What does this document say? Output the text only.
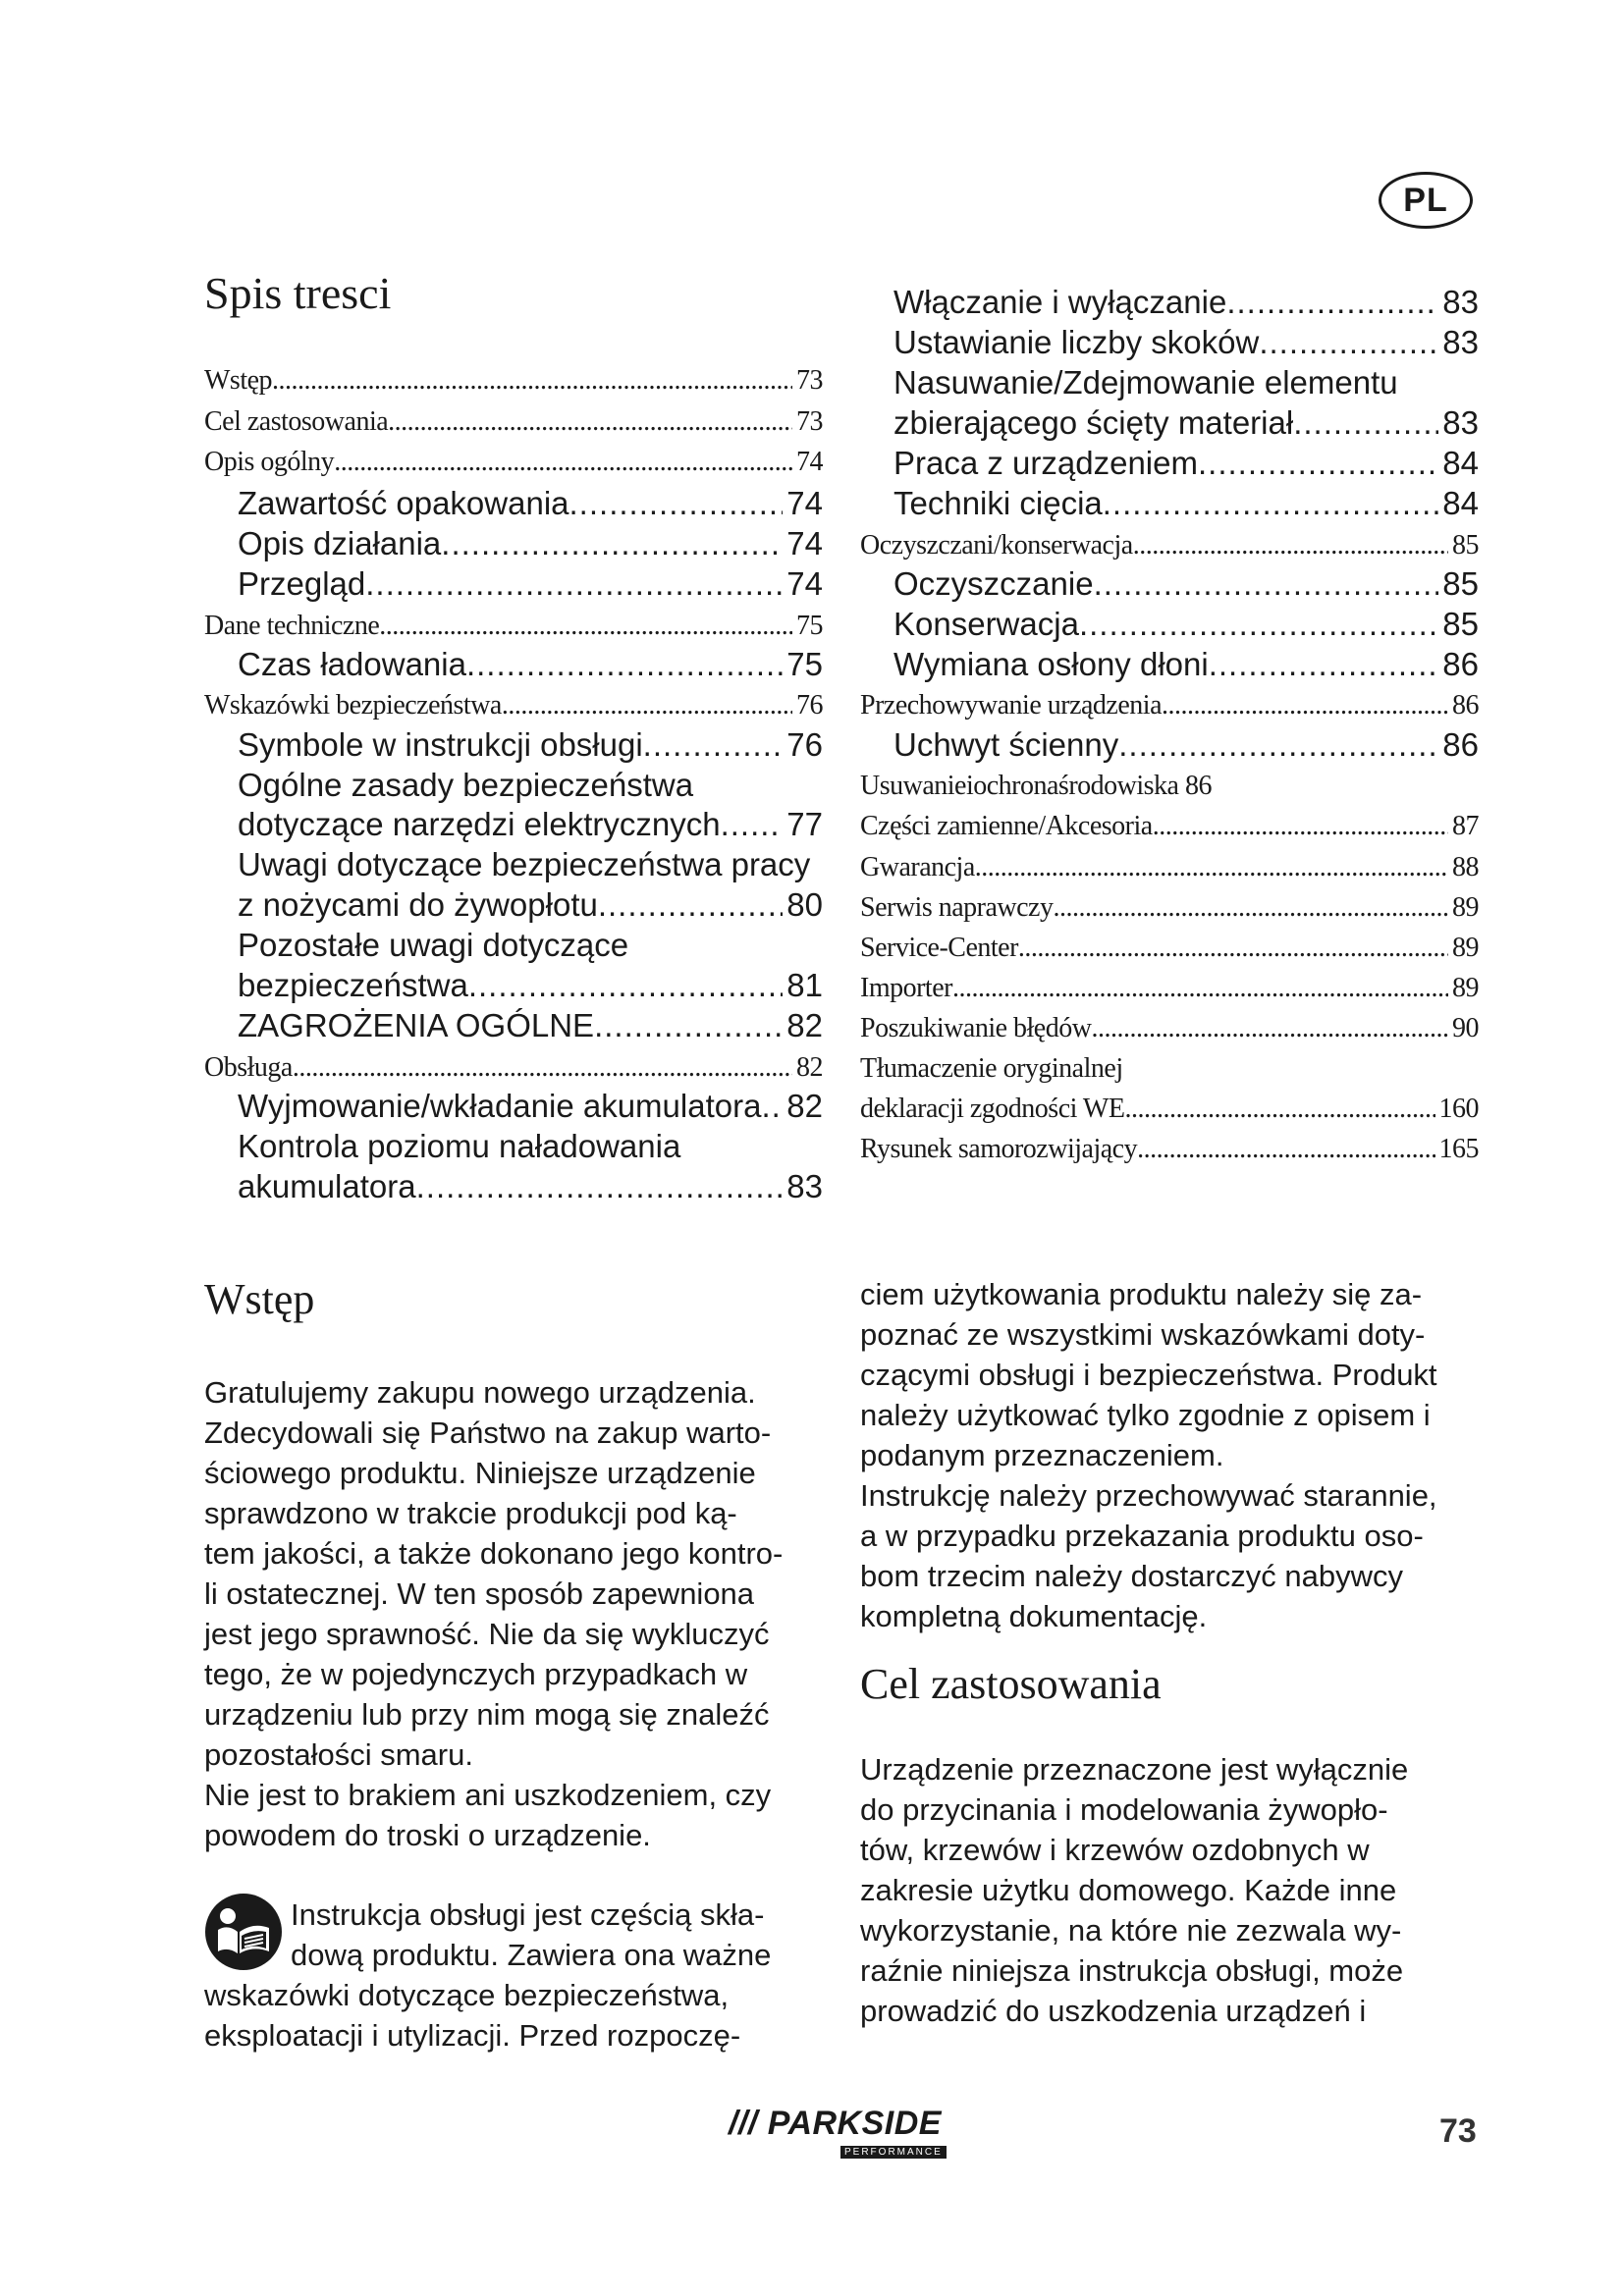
PL
Spis tresci
Wstęp .....	73
Cel zastosowania .....	73
Opis ogólny .....	74
Zawartość opakowania .....	74
Opis działania .....	74
Przegląd .....	74
Dane techniczne .....	75
Czas ładowania .....	75
Wskazówki bezpieczeństwa .....	76
Symbole w instrukcji obsługi .....	76
Ogólne zasady bezpieczeństwa
dotyczące narzędzi elektrycznych ..... 77
Uwagi dotyczące bezpieczeństwa pracy
z nożycami do żywopłotu .....	80
Pozostałe uwagi dotyczące
bezpieczeństwa .....	81
ZAGROŻENIA OGÓLNE .....	82
Obsługa .....	82
Wyjmowanie/wkładanie akumulatora ..... 82
Kontrola poziomu naładowania
akumulatora .....	83
Włączanie i wyłączanie .....	83
Ustawianie liczby skoków .....	83
Nasuwanie/Zdejmowanie elementu
zbierającego ścięty materiał .....	83
Praca z urządzeniem .....	84
Techniki cięcia .....	84
Oczyszczani/konserwacja .....	85
Oczyszczanie .....	85
Konserwacja .....	85
Wymiana osłony dłoni .....	86
Przechowywanie urządzenia .....	86
Uchwyt ścienny .....	86
Usuwanieiochronaśrodowiska 86
Części zamienne/Akcesoria .....	87
Gwarancja .....	88
Serwis naprawczy .....	89
Service-Center .....	89
Importer .....	89
Poszukiwanie błędów .....	90
Tłumaczenie oryginalnej
deklaracji zgodności WE .....	160
Rysunek samorozwijający .....	165
Wstęp
Gratulujemy zakupu nowego urządzenia.
Zdecydowali się Państwo na zakup warto-
ściowego produktu. Niniejsze urządzenie
sprawdzono w trakcie produkcji pod ką-
tem jakości, a także dokonano jego kontro-
li ostatecznej. W ten sposób zapewniona
jest jego sprawność. Nie da się wykluczyć
tego, że w pojedynczych przypadkach w
urządzeniu lub przy nim mogą się znaleźć
pozostałości smaru.
Nie jest to brakiem ani uszkodzeniem, czy
powodem do troski o urządzenie.
Instrukcja obsługi jest częścią skła-
dową produktu. Zawiera ona ważne
wskazówki dotyczące bezpieczeństwa,
eksploatacji i utylizacji. Przed rozpoczę-
ciem użytkowania produktu należy się za-
poznać ze wszystkimi wskazówkami doty-
czącymi obsługi i bezpieczeństwa. Produkt
należy użytkować tylko zgodnie z opisem i
podanym przeznaczeniem.
Instrukcję należy przechowywać starannie,
a w przypadku przekazania produktu oso-
bom trzecim należy dostarczyć nabywcy
kompletną dokumentację.
Cel zastosowania
Urządzenie przeznaczone jest wyłącznie
do przycinania i modelowania żywopło-
tów, krzewów i krzewów ozdobnych w
zakresie użytku domowego. Każde inne
wykorzystanie, na które nie zezwala wy-
raźnie niniejsza instrukcja obsługi, może
prowadzić do uszkodzenia urządzeń i
/// PARKSIDE
PERFORMANCE
73
